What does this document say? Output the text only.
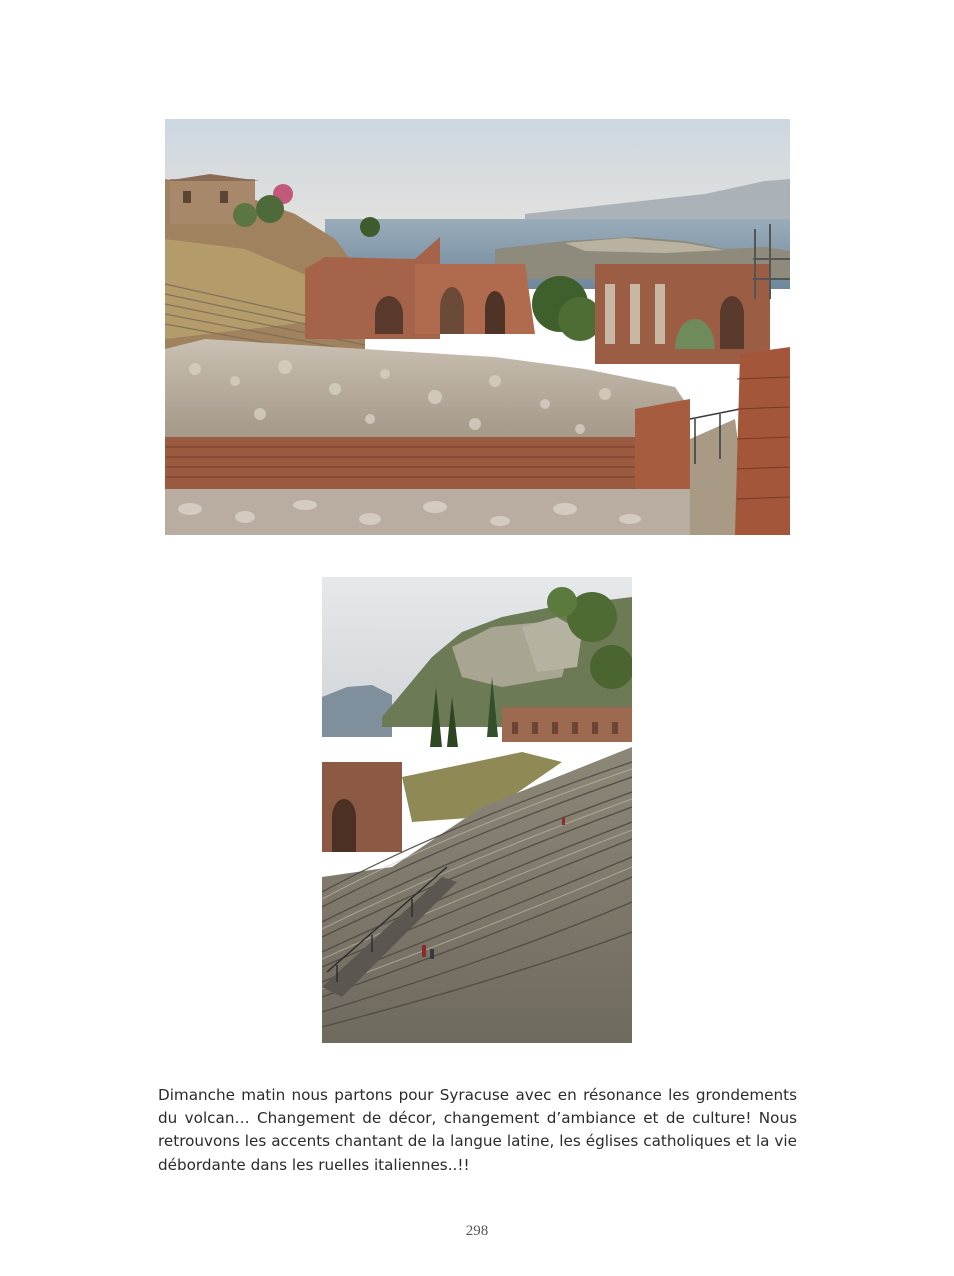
Dimanche matin nous partons pour Syracuse avec en résonance les grondements du volcan… Changement de décor, changement d’ambiance et de culture! Nous retrouvons les accents chantant de la langue latine, les églises catholiques et la vie débordante dans les ruelles italiennes..!!

298
